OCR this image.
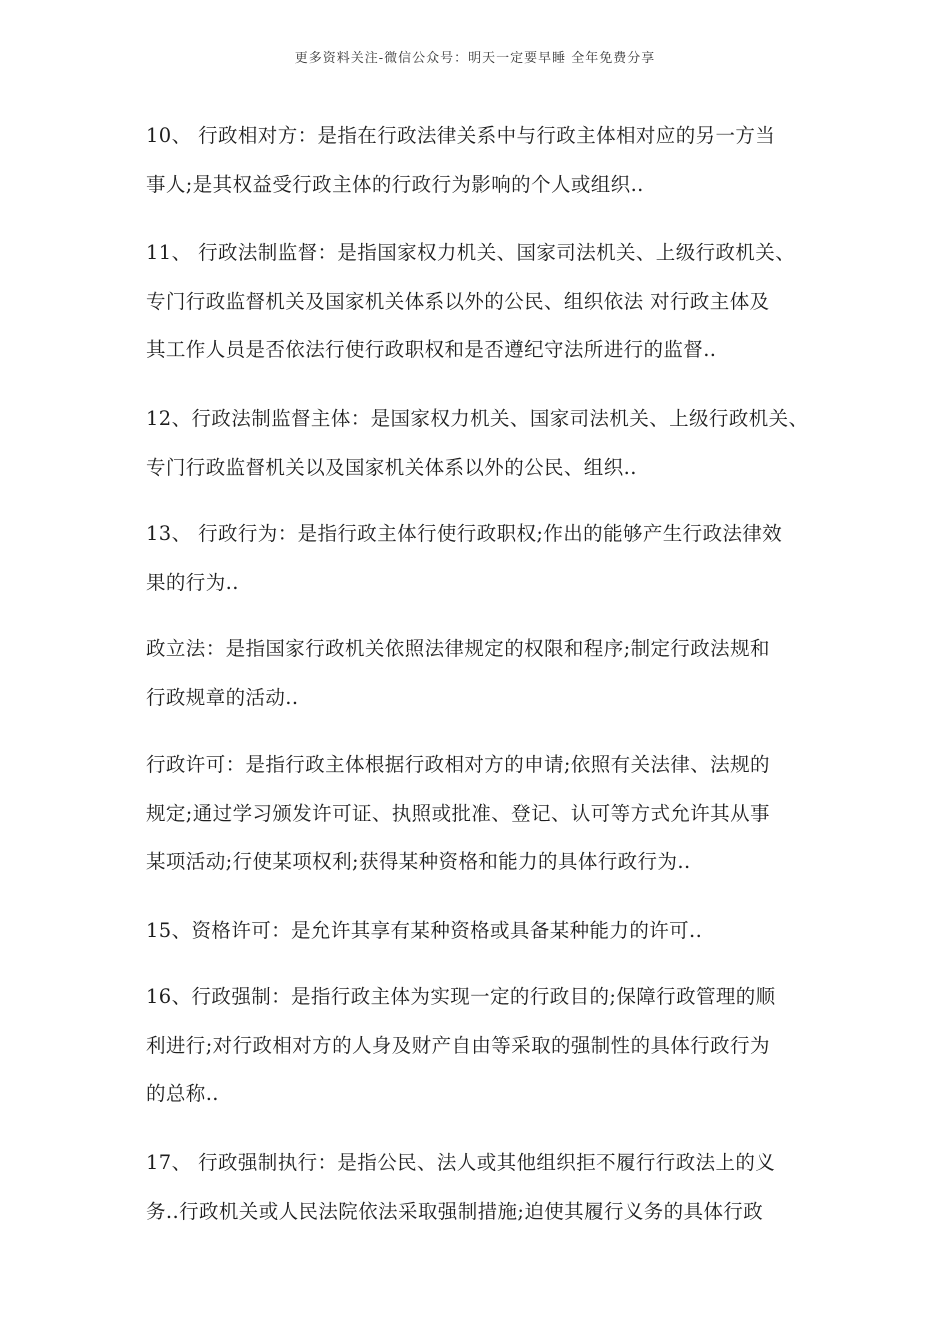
更多资料关注-微信公众号：明天一定要早睡 全年免费分享
10、 行政相对方：是指在行政法律关系中与行政主体相对应的另一方当
事人;是其权益受行政主体的行政行为影响的个人或组织..
11、 行政法制监督：是指国家权力机关、国家司法机关、上级行政机关、
专门行政监督机关及国家机关体系以外的公民、组织依法 对行政主体及
其工作人员是否依法行使行政职权和是否遵纪守法所进行的监督..
12、行政法制监督主体：是国家权力机关、国家司法机关、上级行政机关、
专门行政监督机关以及国家机关体系以外的公民、组织..
13、 行政行为：是指行政主体行使行政职权;作出的能够产生行政法律效
果的行为..
政立法：是指国家行政机关依照法律规定的权限和程序;制定行政法规和
行政规章的活动..
行政许可：是指行政主体根据行政相对方的申请;依照有关法律、法规的
规定;通过学习颁发许可证、执照或批准、登记、认可等方式允许其从事
某项活动;行使某项权利;获得某种资格和能力的具体行政行为..
15、资格许可：是允许其享有某种资格或具备某种能力的许可..
16、行政强制：是指行政主体为实现一定的行政目的;保障行政管理的顺
利进行;对行政相对方的人身及财产自由等采取的强制性的具体行政行为
的总称..
17、 行政强制执行：是指公民、法人或其他组织拒不履行行政法上的义
务..行政机关或人民法院依法采取强制措施;迫使其履行义务的具体行政
